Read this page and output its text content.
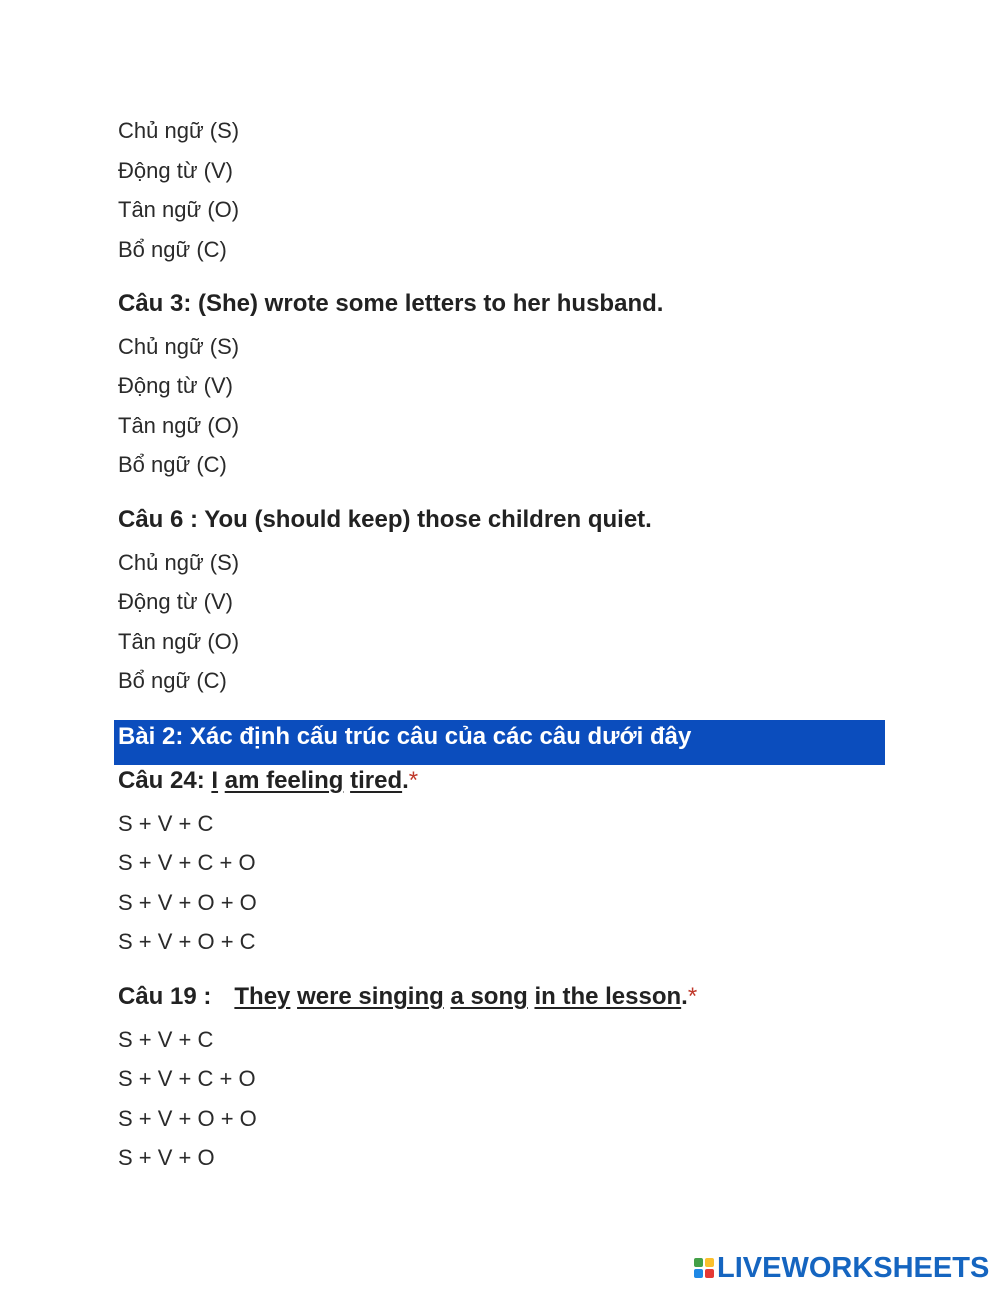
Chủ ngữ (S)
Động từ (V)
Tân ngữ (O)
Bổ ngữ (C)
Câu 3: (She) wrote some letters to her husband.
Chủ ngữ (S)
Động từ (V)
Tân ngữ (O)
Bổ ngữ (C)
Câu 6 : You (should keep) those children quiet.
Chủ ngữ (S)
Động từ (V)
Tân ngữ (O)
Bổ ngữ (C)
Bài 2: Xác định cấu trúc câu của các câu dưới đây
Câu 24: I am feeling tired.*
S + V + C
S + V + C + O
S + V + O + O
S + V + O + C
Câu 19 : They were singing a song in the lesson.*
S + V + C
S + V + C + O
S + V + O + O
S + V + O
LIVEWORKSHEETS
